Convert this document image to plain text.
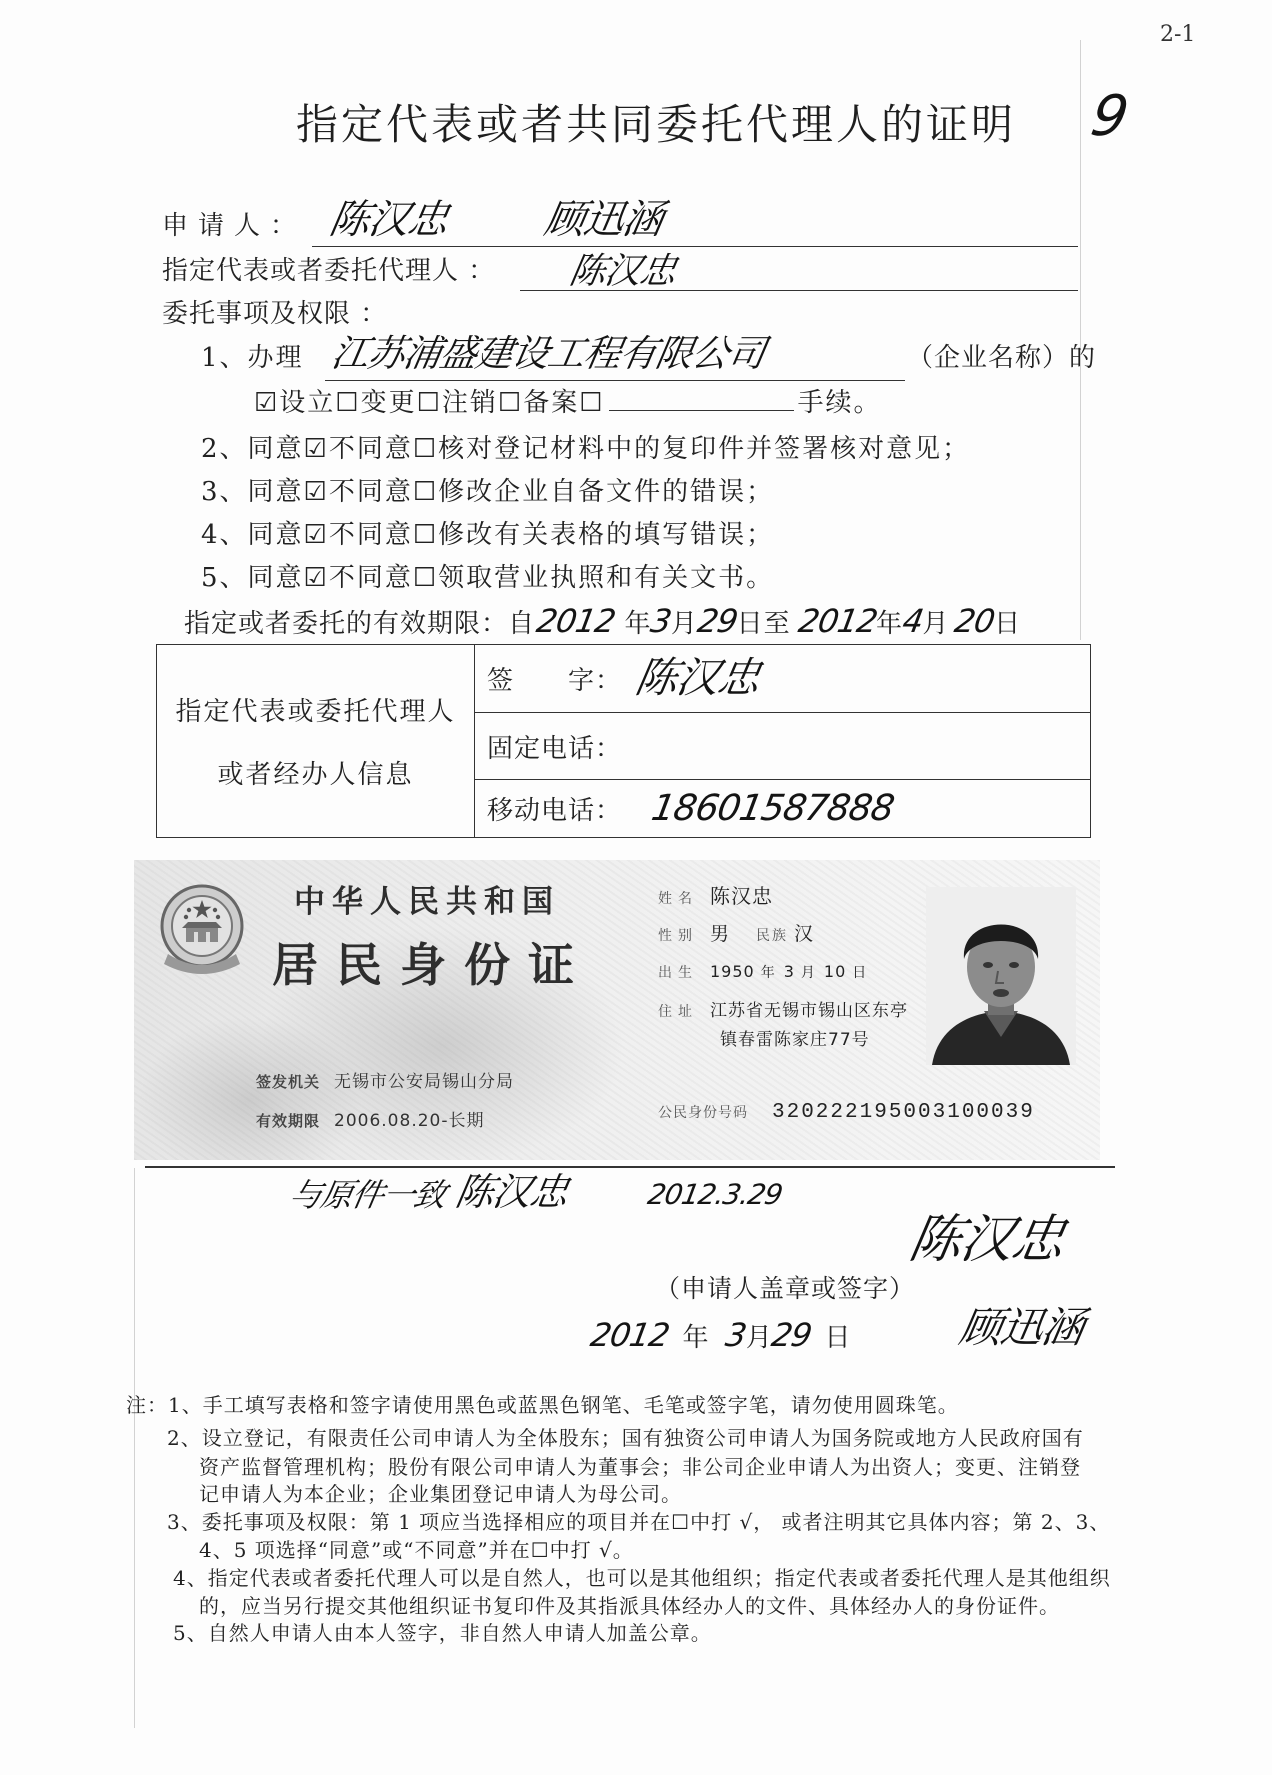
2-1
9
指定代表或者共同委托代理人的证明
申请人： 陈汉忠 顾迅涵
指定代表或者委托代理人 ： 陈汉忠
委托事项及权限 ：
1、办理 江苏浦盛建设工程有限公司	（企业名称）的
☑设立☐变更☐注销☐备案☐	手续。
2、同意☑不同意☐核对登记材料中的复印件并签署核对意见；
3、同意☑不同意☐修改企业自备文件的错误；
4、同意☑不同意☐修改有关表格的填写错误；
5、同意☑不同意☐领取营业执照和有关文书。
指定或者委托的有效期限：自
2012 年
3
月
29
日 至 2012
年
4
月 20
日
指定代表或委托代理人
或者经办人信息
签　　字： 陈汉忠
固定电话：
移动电话： 18601587888
中华人民共和国
居民身份证
签发机关 无锡市公安局锡山分局
有效期限 2006.08.20-长期
姓名 陈汉忠
性别 男 民族 汉
出生 1950 年 3 月 10 日
住址 江苏省无锡市锡山区东亭
镇春雷陈家庄77号
公民身份号码 320222195003100039
与原件一致 陈汉忠	2012.3.29
陈汉忠
（申请人盖章或签字）
2012 年 3
月
29 日	顾迅涵
注：1、手工填写表格和签字请使用黑色或蓝黑色钢笔、毛笔或签字笔，请勿使用圆珠笔。
2、设立登记，有限责任公司申请人为全体股东；国有独资公司申请人为国务院或地方人民政府国有
资产监督管理机构；股份有限公司申请人为董事会；非公司企业申请人为出资人；变更、注销登
记申请人为本企业；企业集团登记申请人为母公司。
3、委托事项及权限：第 1 项应当选择相应的项目并在☐中打 √， 或者注明其它具体内容；第 2、3、
4、5 项选择“同意”或“不同意”并在☐中打 √。
4、指定代表或者委托代理人可以是自然人，也可以是其他组织；指定代表或者委托代理人是其他组织
的，应当另行提交其他组织证书复印件及其指派具体经办人的文件、具体经办人的身份证件。
5、自然人申请人由本人签字，非自然人申请人加盖公章。
